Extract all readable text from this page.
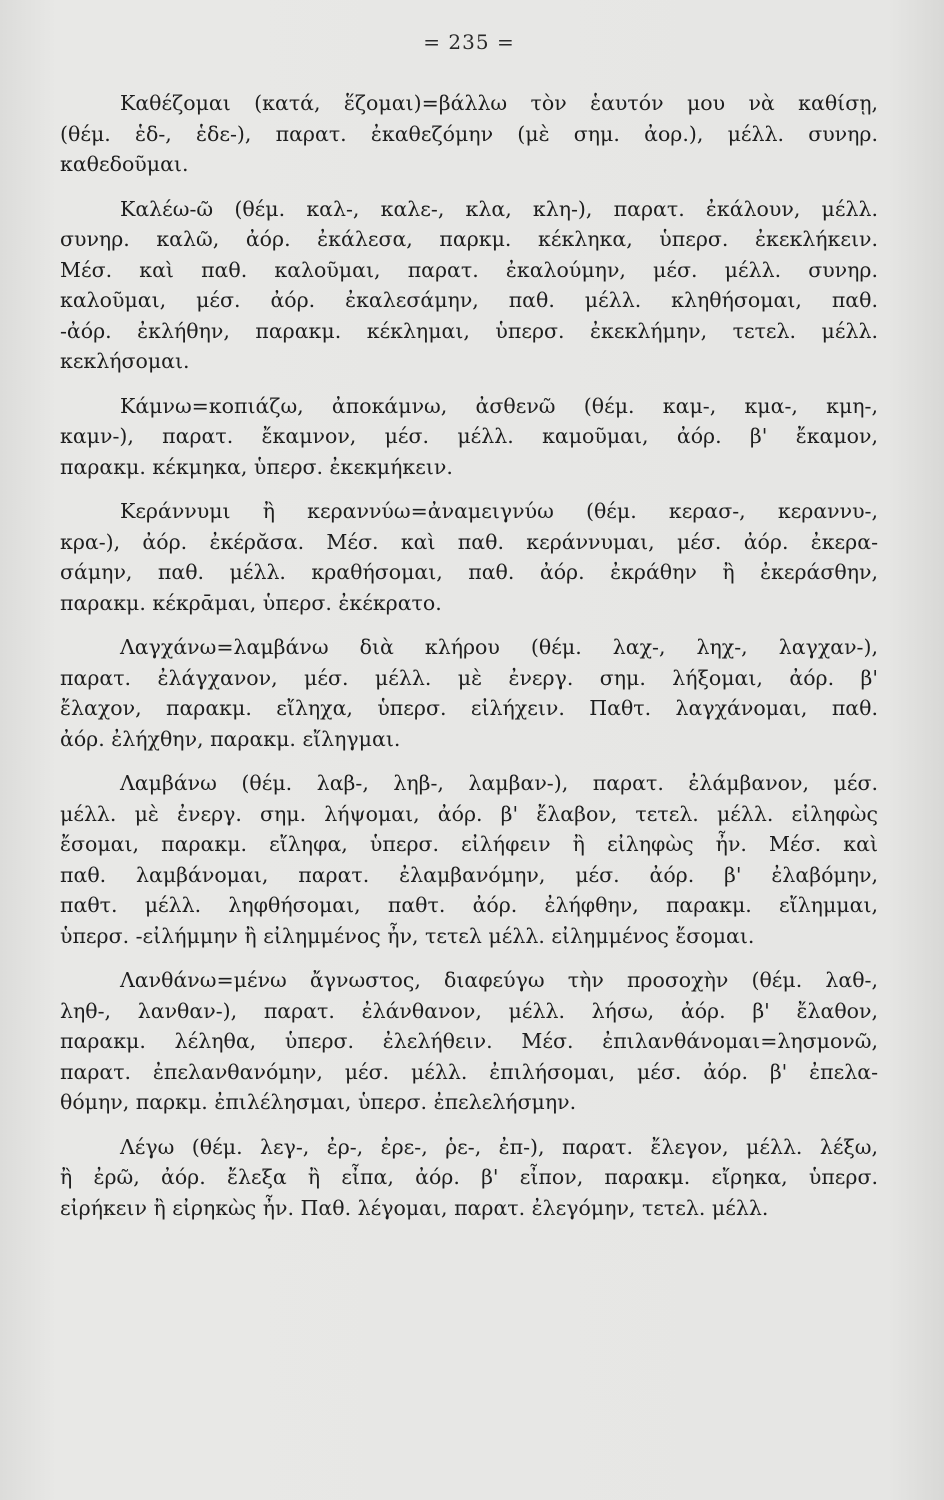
= 235 =
Καθέζομαι (κατά, ἕζομαι)=βάλλω τὸν ἑαυτόν μου νὰ καθίσῃ,
(θέμ. ἑδ-, ἑδε-), παρατ. ἐκαθεζόμην (μὲ σημ. ἀορ.), μέλλ. συνηρ.
καθεδοῦμαι.
Καλέω-ῶ (θέμ. καλ-, καλε-, κλα, κλη-), παρατ. ἐκάλουν, μέλλ.
συνηρ. καλῶ, ἀόρ. ἐκάλεσα, παρκμ. κέκληκα, ὑπερσ. ἐκεκλήκειν.
Μέσ. καὶ παθ. καλοῦμαι, παρατ. ἐκαλούμην, μέσ. μέλλ. συνηρ.
καλοῦμαι, μέσ. ἀόρ. ἐκαλεσάμην, παθ. μέλλ. κληθήσομαι, παθ.
-ἀόρ. ἐκλήθην, παρακμ. κέκλημαι, ὑπερσ. ἐκεκλήμην, τετελ. μέλλ.
κεκλήσομαι.
Κάμνω=κοπιάζω, ἀποκάμνω, ἀσθενῶ (θέμ. καμ-, κμα-, κμη-,
καμν-), παρατ. ἔκαμνον, μέσ. μέλλ. καμοῦμαι, ἀόρ. β' ἔκαμον,
παρακμ. κέκμηκα, ὑπερσ. ἐκεκμήκειν.
Κεράννυμι ἢ κεραννύω=ἀναμειγνύω (θέμ. κερασ-, κεραννυ-,
κρα-), ἀόρ. ἐκέρᾰσα. Μέσ. καὶ παθ. κεράννυμαι, μέσ. ἀόρ. ἐκερα-
σάμην, παθ. μέλλ. κραθήσομαι, παθ. ἀόρ. ἐκράθην ἢ ἐκεράσθην,
παρακμ. κέκρᾱμαι, ὑπερσ. ἐκέκρατο.
Λαγχάνω=λαμβάνω διὰ κλήρου (θέμ. λαχ-, ληχ-, λαγχαν-),
παρατ. ἐλάγχανον, μέσ. μέλλ. μὲ ἐνεργ. σημ. λήξομαι, ἀόρ. β'
ἔλαχον, παρακμ. εἴληχα, ὑπερσ. εἰλήχειν. Παθτ. λαγχάνομαι, παθ.
ἀόρ. ἐλήχθην, παρακμ. εἴληγμαι.
Λαμβάνω (θέμ. λαβ-, ληβ-, λαμβαν-), παρατ. ἐλάμβανον, μέσ.
μέλλ. μὲ ἐνεργ. σημ. λήψομαι, ἀόρ. β' ἔλαβον, τετελ. μέλλ. εἰληφὼς
ἔσομαι, παρακμ. εἴληφα, ὑπερσ. εἰλήφειν ἢ εἰληφὼς ἦν. Μέσ. καὶ
παθ. λαμβάνομαι, παρατ. ἐλαμβανόμην, μέσ. ἀόρ. β' ἐλαβόμην,
παθτ. μέλλ. ληφθήσομαι, παθτ. ἀόρ. ἐλήφθην, παρακμ. εἴλημμαι,
ὑπερσ. -εἰλήμμην ἢ εἰλημμένος ἦν, τετελ μέλλ. εἰλημμένος ἔσομαι.
Λανθάνω=μένω ἄγνωστος, διαφεύγω τὴν προσοχὴν (θέμ. λαθ-,
ληθ-, λανθαν-), παρατ. ἐλάνθανον, μέλλ. λήσω, ἀόρ. β' ἔλαθον,
παρακμ. λέληθα, ὑπερσ. ἐλελήθειν. Μέσ. ἐπιλανθάνομαι=λησμονῶ,
παρατ. ἐπελανθανόμην, μέσ. μέλλ. ἐπιλήσομαι, μέσ. ἀόρ. β' ἐπελα-
θόμην, παρκμ. ἐπιλέλησμαι, ὑπερσ. ἐπελελήσμην.
Λέγω (θέμ. λεγ-, ἐρ-, ἐρε-, ῥε-, ἐπ-), παρατ. ἔλεγον, μέλλ. λέξω,
ἢ ἐρῶ, ἀόρ. ἔλεξα ἢ εἶπα, ἀόρ. β' εἶπον, παρακμ. εἴρηκα, ὑπερσ.
εἰρήκειν ἢ εἰρηκὼς ἦν. Παθ. λέγομαι, παρατ. ἐλεγόμην, τετελ. μέλλ.
